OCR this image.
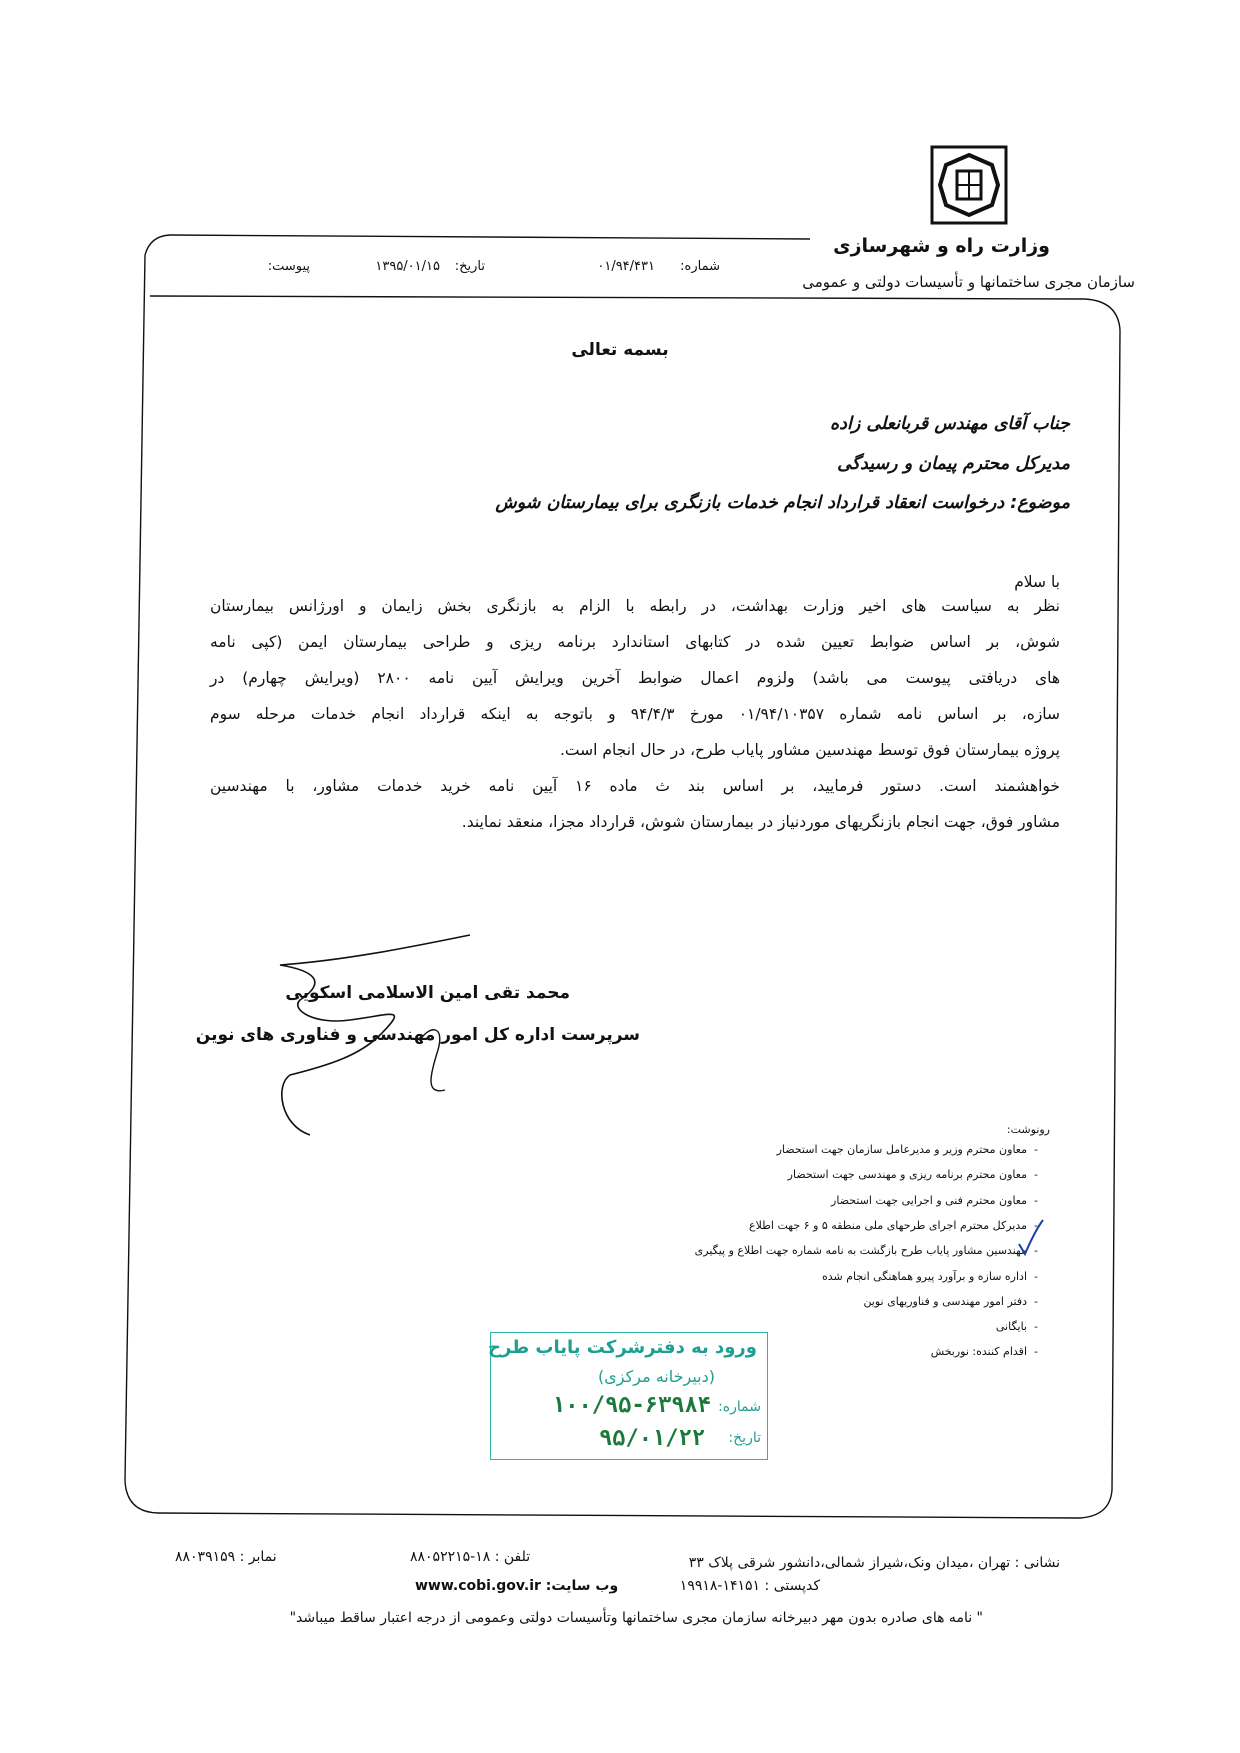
وزارت راه و شهرسازی
سازمان مجری ساختمانها و تأسیسات دولتی و عمومی
شماره:
۰۱/۹۴/۴۳۱
تاریخ:
۱۳۹۵/۰۱/۱۵
پیوست:
بسمه تعالی
جناب آقای مهندس قربانعلی زاده
مدیرکل محترم پیمان و رسیدگی
موضوع: درخواست انعقاد قرارداد انجام خدمات بازنگری برای بیمارستان شوش
با سلام
نظر به سیاست های اخیر وزارت بهداشت، در رابطه با الزام به بازنگری بخش زایمان و اورژانس بیمارستان
شوش، بر اساس ضوابط تعیین شده در کتابهای استاندارد برنامه ریزی و طراحی بیمارستان ایمن (کپی نامه
های دریافتی پیوست می باشد) ولزوم اعمال ضوابط آخرین ویرایش آیین نامه ۲۸۰۰ (ویرایش چهارم) در
سازه، بر اساس نامه شماره ۰۱/۹۴/۱۰۳۵۷ مورخ ۹۴/۴/۳ و باتوجه به اینکه قرارداد انجام خدمات مرحله سوم
پروژه بیمارستان فوق توسط مهندسین مشاور پایاب طرح، در حال انجام است.
خواهشمند است. دستور فرمایید، بر اساس بند ث ماده ۱۶ آیین نامه خرید خدمات مشاور، با مهندسین
مشاور فوق، جهت انجام بازنگریهای موردنیاز در بیمارستان شوش، قرارداد مجزا، منعقد نمایند.
محمد تقی امین الاسلامی اسکویی
سرپرست اداره کل امور مهندسی و فناوری های نوین
رونوشت:
-معاون محترم وزیر و مدیرعامل سازمان جهت استحضار
-معاون محترم برنامه ریزی و مهندسی جهت استحضار
-معاون محترم فنی و اجرایی جهت استحضار
-مدیرکل محترم اجرای طرحهای ملی منطقه ۵ و ۶ جهت اطلاع
-مهندسین مشاور پایاب طرح بازگشت به نامه شماره جهت اطلاع و پیگیری
-اداره سازه و برآورد پیرو هماهنگی انجام شده
-دفتر امور مهندسی و فناوریهای نوین
-بایگانی
-اقدام کننده: نوربخش
ورود به دفترشرکت پایاب طرح
(دبیرخانه مرکزی)
شماره:
۱۰۰/۹۵-۶۳۹۸۴
تاریخ:
۹۵/۰۱/۲۲
نشانی : تهران ،میدان ونک،شیراز شمالی،دانشور شرقی پلاک ۳۳
کدپستی : ۱۴۱۵۱-۱۹۹۱۸
تلفن : ۱۸-۸۸۰۵۲۲۱۵
وب سایت: www.cobi.gov.ir
نمابر : ۸۸۰۳۹۱۵۹
" نامه های صادره بدون مهر دبیرخانه سازمان مجری ساختمانها وتأسیسات دولتی وعمومی از درجه اعتبار ساقط میباشد"
